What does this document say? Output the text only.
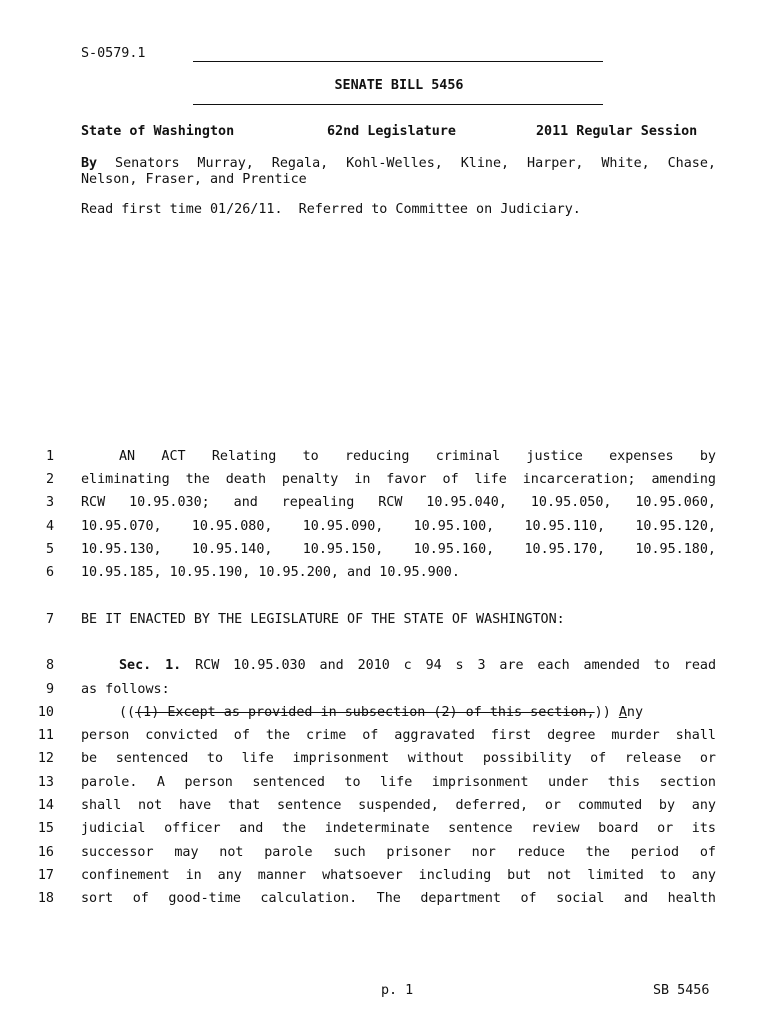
S-0579.1
SENATE BILL 5456
State of Washington	62nd Legislature	2011 Regular Session
By Senators Murray, Regala, Kohl-Welles, Kline, Harper, White, Chase,
Nelson, Fraser, and Prentice
Read first time 01/26/11.  Referred to Committee on Judiciary.
1
2
3
4
5
6
7
8
9
10
11
12
13
14
15
16
17
18
AN ACT Relating to reducing criminal justice expenses by
eliminating the death penalty in favor of life incarceration; amending
RCW 10.95.030; and repealing RCW 10.95.040, 10.95.050, 10.95.060,
10.95.070, 10.95.080, 10.95.090, 10.95.100, 10.95.110, 10.95.120,
10.95.130, 10.95.140, 10.95.150, 10.95.160, 10.95.170, 10.95.180,
10.95.185, 10.95.190, 10.95.200, and 10.95.900.
BE IT ENACTED BY THE LEGISLATURE OF THE STATE OF WASHINGTON:
Sec. 1. RCW 10.95.030 and 2010 c 94 s 3 are each amended to read
as follows:
(((1) Except as provided in subsection (2) of this section,)) Any
person convicted of the crime of aggravated first degree murder shall
be sentenced to life imprisonment without possibility of release or
parole. A person sentenced to life imprisonment under this section
shall not have that sentence suspended, deferred, or commuted by any
judicial officer and the indeterminate sentence review board or its
successor may not parole such prisoner nor reduce the period of
confinement in any manner whatsoever including but not limited to any
sort of good-time calculation. The department of social and health
p. 1	SB 5456
